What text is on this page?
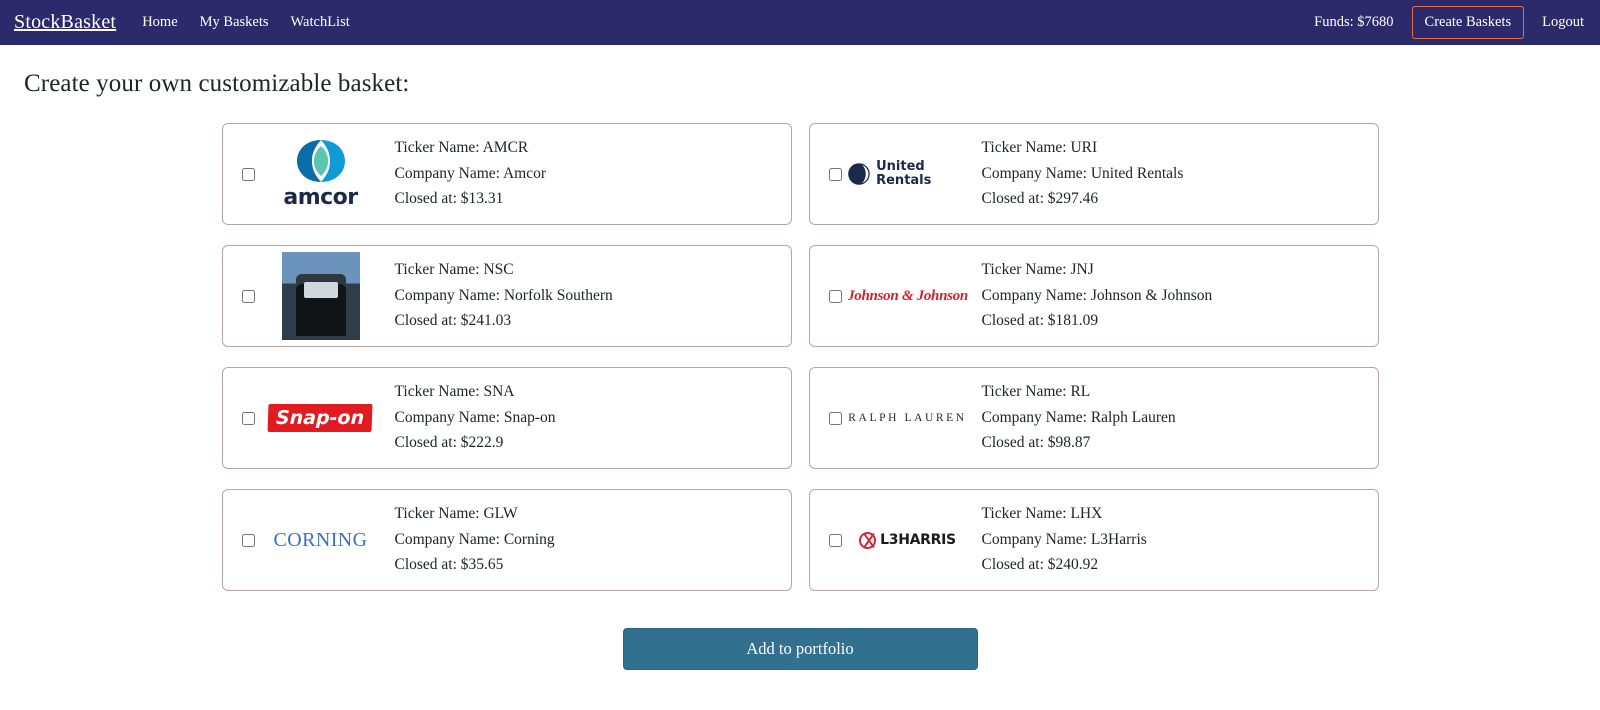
StockBasket Home My Baskets WatchList	Funds: $7680	Create Baskets	Logout
Create your own customizable basket:
amcor
Ticker Name: AMCR
Company Name: Amcor
Closed at: $13.31
United Rentals
Ticker Name: URI
Company Name: United Rentals
Closed at: $297.46
Ticker Name: NSC
Company Name: Norfolk Southern
Closed at: $241.03
Johnson & Johnson
Ticker Name: JNJ
Company Name: Johnson & Johnson
Closed at: $181.09
Snap-on
Ticker Name: SNA
Company Name: Snap-on
Closed at: $222.9
RALPH LAUREN
Ticker Name: RL
Company Name: Ralph Lauren
Closed at: $98.87
CORNING
Ticker Name: GLW
Company Name: Corning
Closed at: $35.65
L3HARRIS
Ticker Name: LHX
Company Name: L3Harris
Closed at: $240.92
Add to portfolio
